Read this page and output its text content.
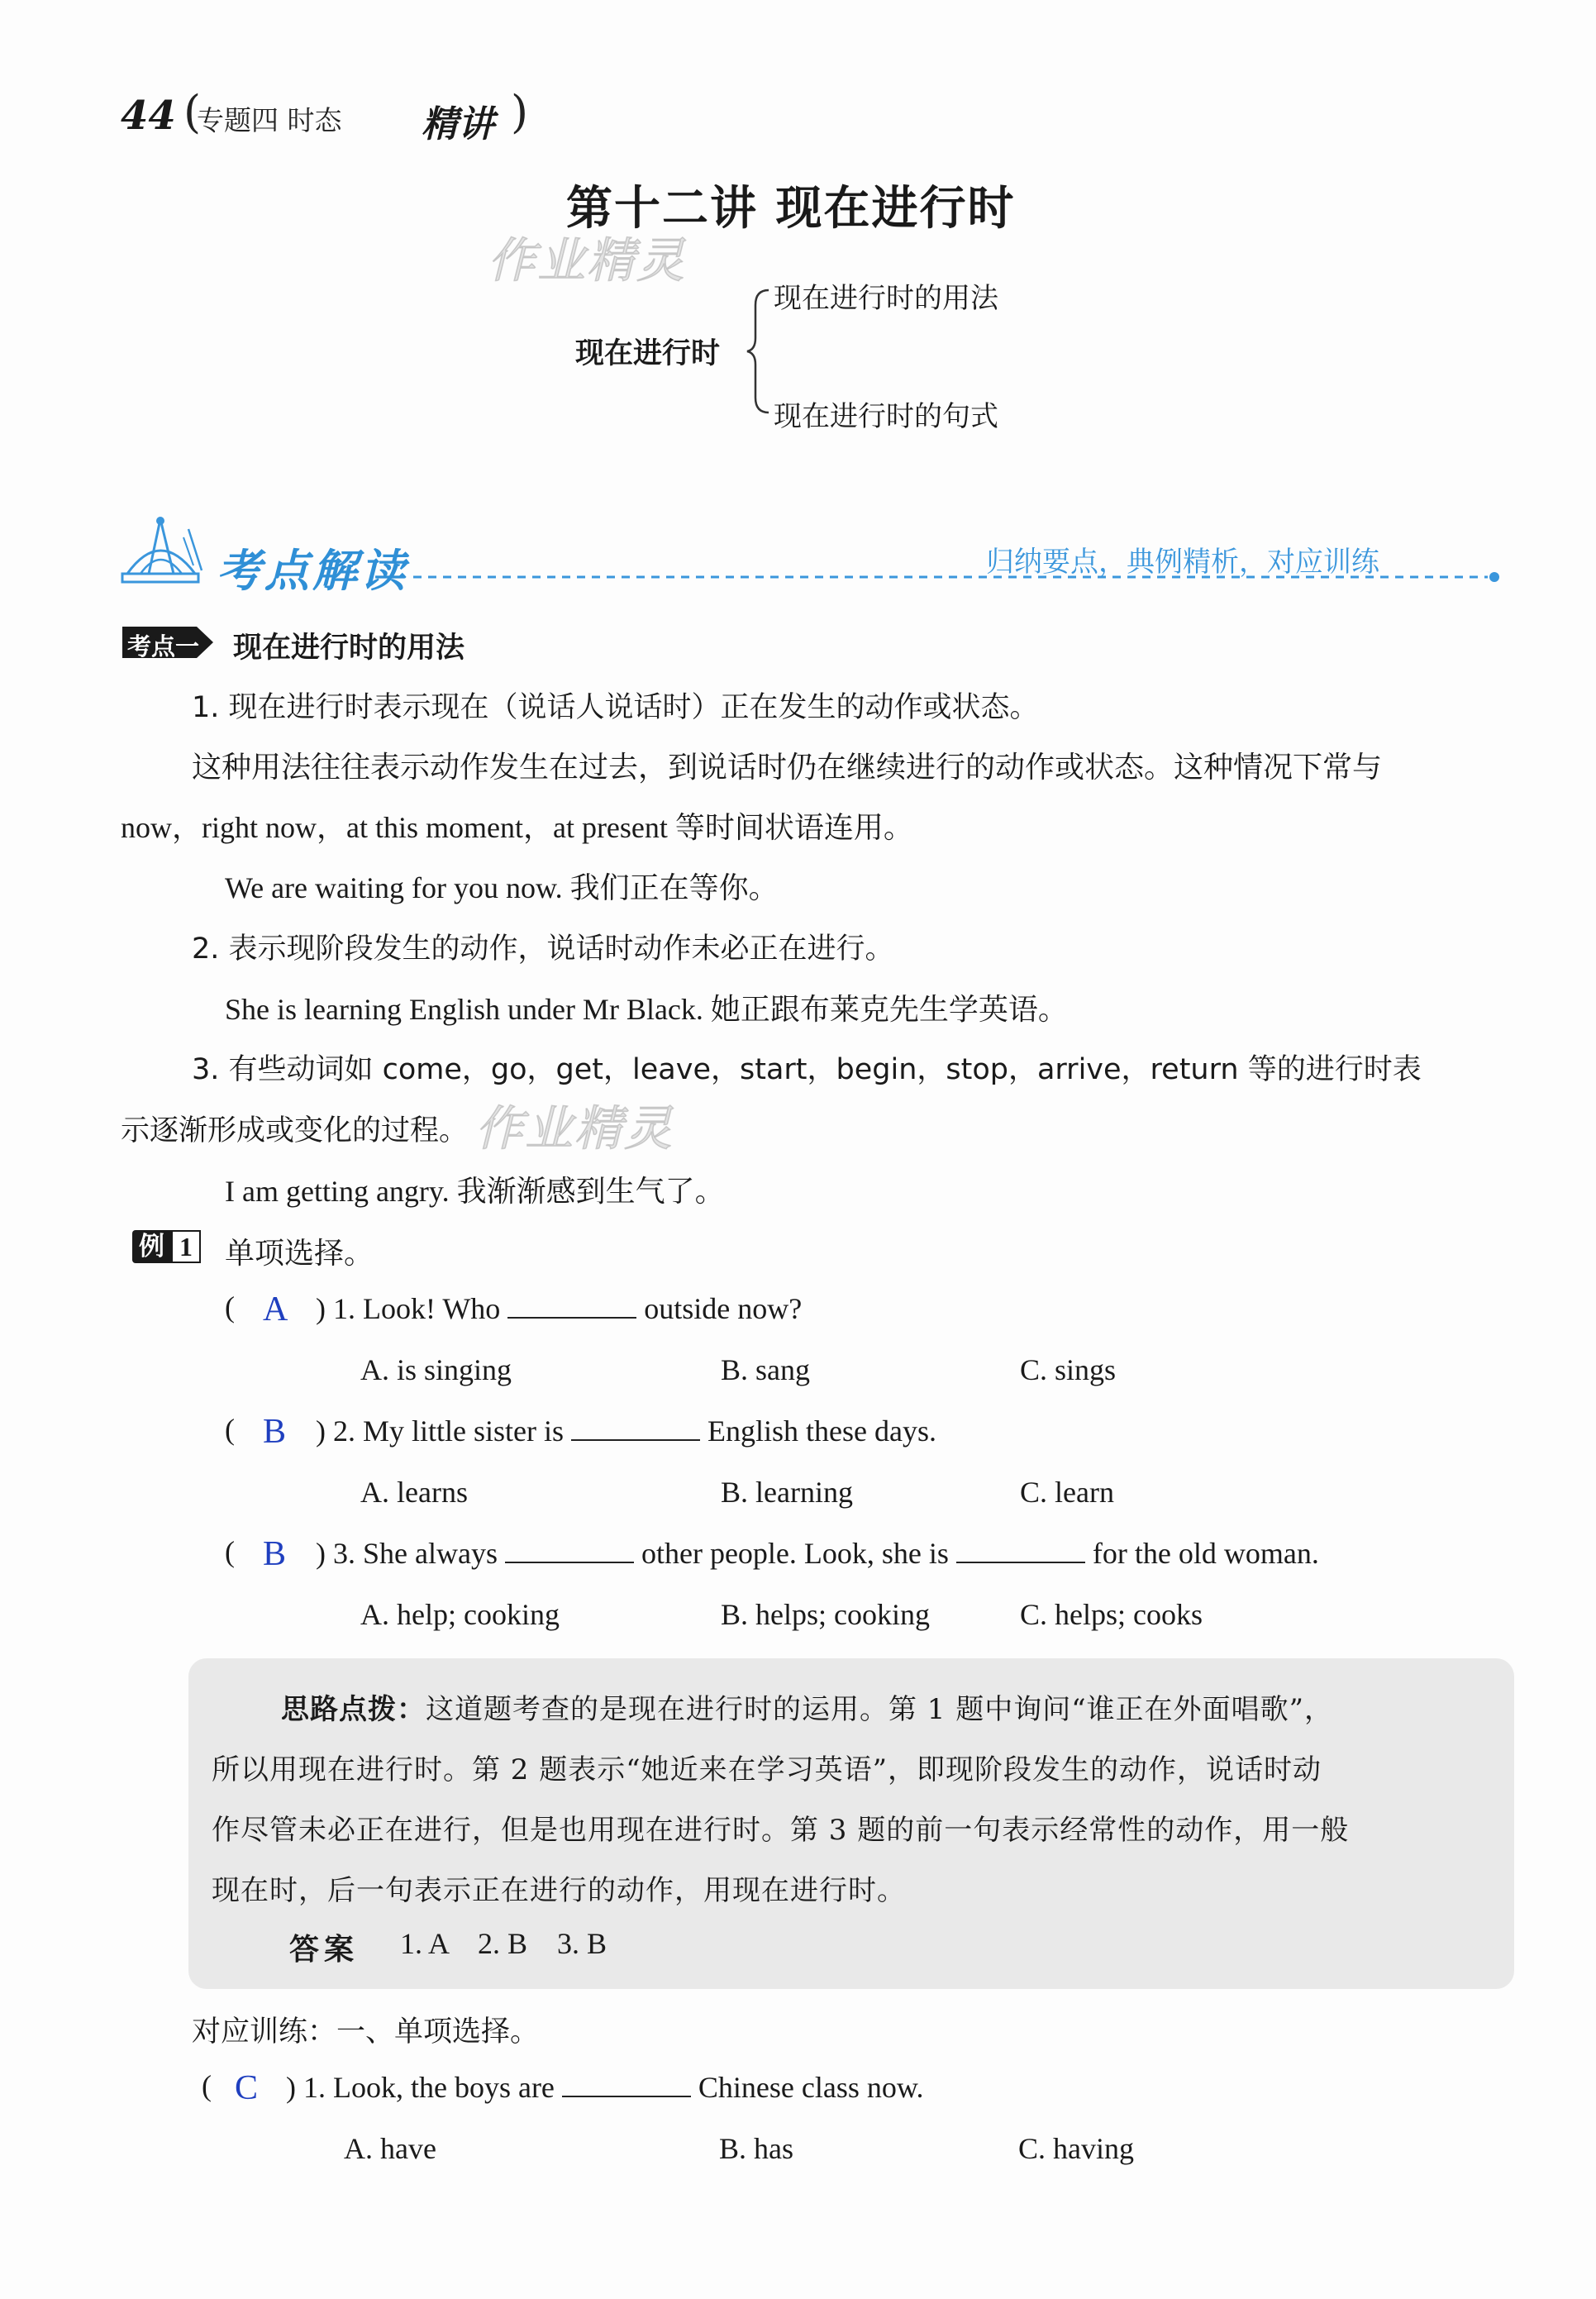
44 (
专题四 时态 精讲 )
第十二讲 现在进行时
作业精灵
现在进行时
现在进行时的用法
现在进行时的句式
考点解读	归纳要点，典例精析，对应训练
考点一 现在进行时的用法
1. 现在进行时表示现在（说话人说话时）正在发生的动作或状态。
这种用法往往表示动作发生在过去，到说话时仍在继续进行的动作或状态。这种情况下常与
now，right now，at this moment，at present 等时间状语连用。
We are waiting for you now. 我们正在等你。
2. 表示现阶段发生的动作，说话时动作未必正在进行。
She is learning English under Mr Black. 她正跟布莱克先生学英语。
3. 有些动词如 come，go，get，leave，start，begin，stop，arrive，return 等的进行时表
示逐渐形成或变化的过程。 作业精灵
I am getting angry. 我渐渐感到生气了。
例 1 单项选择。
( A ) 1. Look! Who	outside now?
A. is singing	B. sang	C. sings
( B ) 2. My little sister is	English these days.
A. learns	B. learning	C. learn
( B ) 3. She always	other people. Look, she is	for the old woman.
A. help; cooking	B. helps; cooking	C. helps; cooks
思路点拨：这道题考查的是现在进行时的运用。第 1 题中询问“谁正在外面唱歌”，
所以用现在进行时。第 2 题表示“她近来在学习英语”，即现阶段发生的动作，说话时动
作尽管未必正在进行，但是也用现在进行时。第 3 题的前一句表示经常性的动作，用一般
现在时，后一句表示正在进行的动作，用现在进行时。
答案 1. A    2. B    3. B
对应训练：一、单项选择。
( C ) 1. Look, the boys are	Chinese class now.
A. have	B. has	C. having
